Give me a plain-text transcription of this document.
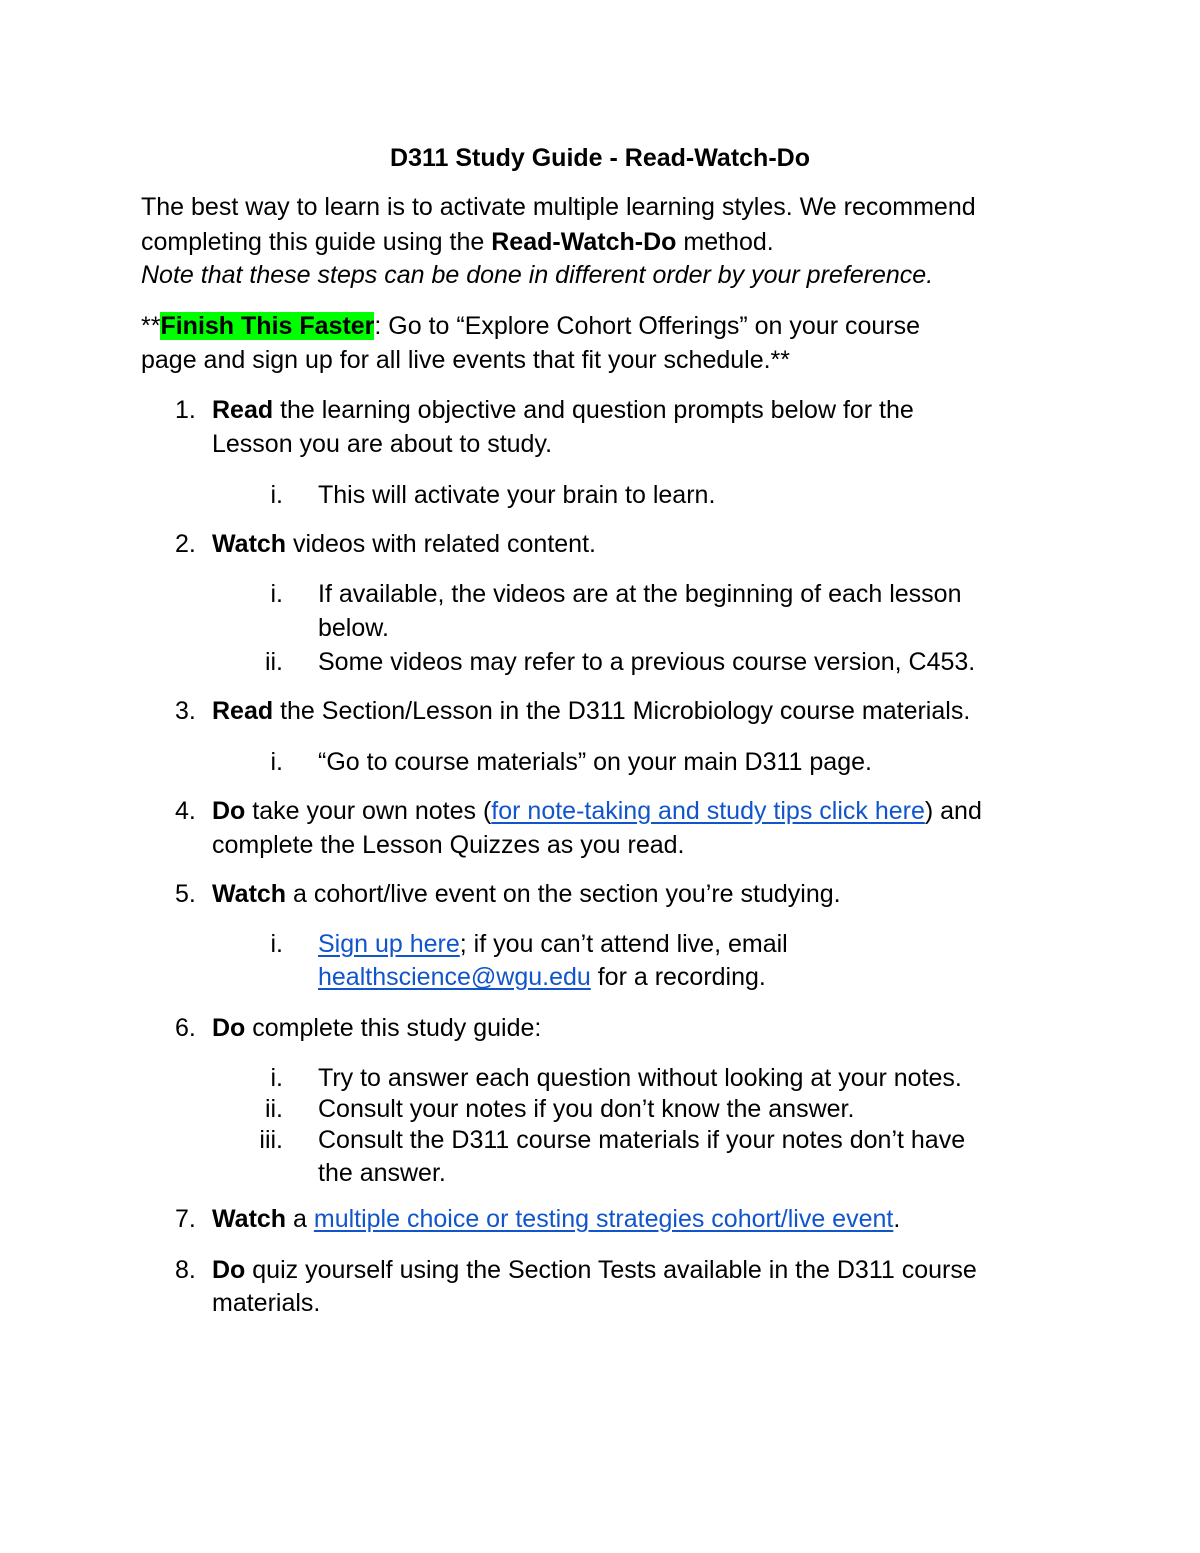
D311 Study Guide - Read-Watch-Do
The best way to learn is to activate multiple learning styles. We recommend
completing this guide using the Read-Watch-Do method.
Note that these steps can be done in different order by your preference.
**Finish This Faster: Go to “Explore Cohort Offerings” on your course
page and sign up for all live events that fit your schedule.**
1. Read the learning objective and question prompts below for the
Lesson you are about to study.
i. This will activate your brain to learn.
2. Watch videos with related content.
i. If available, the videos are at the beginning of each lesson
below.
ii. Some videos may refer to a previous course version, C453.
3. Read the Section/Lesson in the D311 Microbiology course materials.
i. “Go to course materials” on your main D311 page.
4. Do take your own notes (for note-taking and study tips click here) and
complete the Lesson Quizzes as you read.
5. Watch a cohort/live event on the section you’re studying.
i. Sign up here; if you can’t attend live, email
healthscience@wgu.edu for a recording.
6. Do complete this study guide:
i. Try to answer each question without looking at your notes.
ii. Consult your notes if you don’t know the answer.
iii. Consult the D311 course materials if your notes don’t have
the answer.
7. Watch a multiple choice or testing strategies cohort/live event.
8. Do quiz yourself using the Section Tests available in the D311 course
materials.
